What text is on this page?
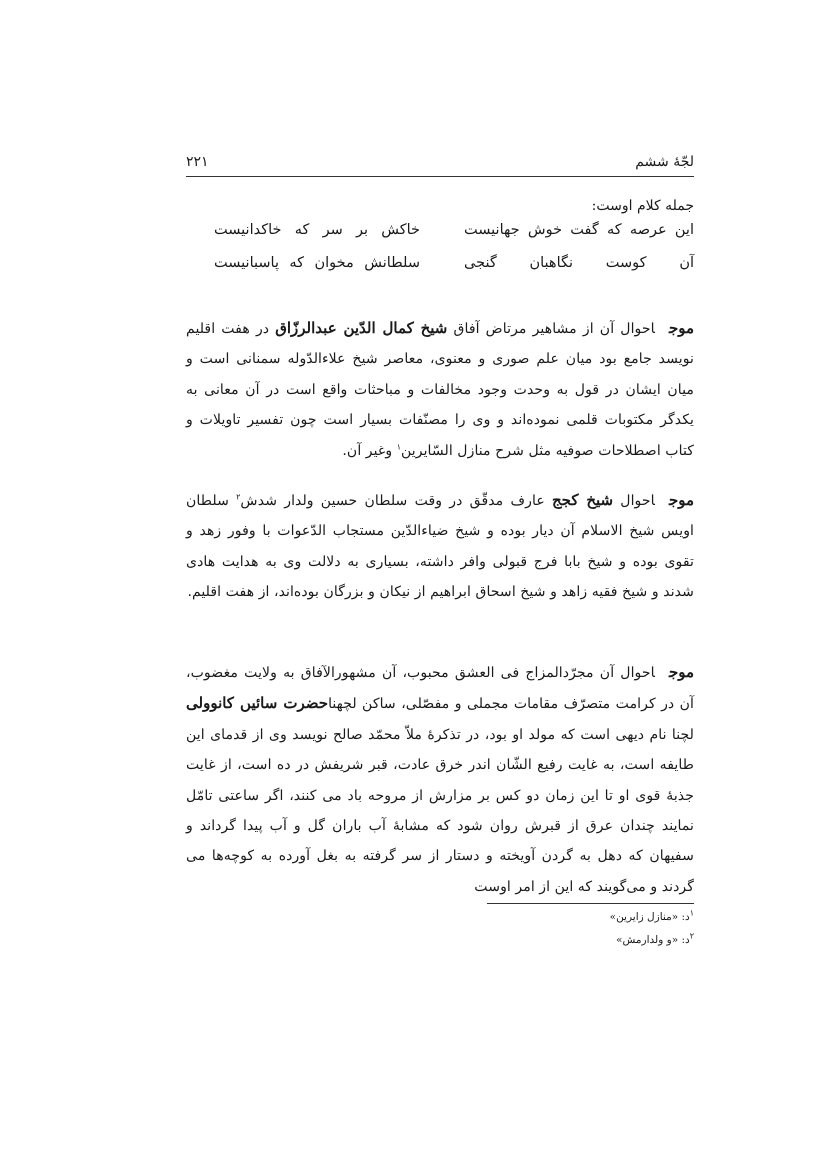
لجّهٔ ششم
۲۲۱
جمله کلام اوست:
این عرصه که گفت خوش جهانیست
خاکش بر سر که خاکدانیست
آن کوست نگاهبان گنجی
سلطانش مخوان که پاسبانیست
موجاحوال آن از مشاهیر مرتاض آفاق شیخ کمال الدّین عبدالرزّاق در هفت اقلیم نویسد جامع بود میان علم صوری و معنوی، معاصر شیخ علاءالدّوله سمنانی است و میان ایشان در قول به وحدت وجود مخالفات و مباحثات واقع است در آن معانی به یکدگر مکتوبات قلمی نموده‌اند و وی را مصنّفات بسیار است چون تفسیر تاویلات و کتاب اصطلاحات صوفیه مثل شرح منازل السّایرین$^۱$ وغیر آن.
موجاحوال شیخ کجج عارف مدقّق در وقت سلطان حسین ولدار شدش$^۲$ سلطان اویس شیخ الاسلام آن دیار بوده و شیخ ضیاءالدّین مستجاب الدّعوات با وفور زهد و تقوی بوده و شیخ بابا فرج قبولی وافر داشته، بسیاری به دلالت وی به هدایت هادی شدند و شیخ فقیه زاهد و شیخ اسحاق ابراهیم از نیکان و بزرگان بوده‌اند، از هفت اقلیم.
موجاحوال آن مجرّدالمزاج فی العشق محبوب، آن مشهورالآفاق به ولایت مغضوب، آن در کرامت متصرّف مقامات مجملی و مفصّلی، ساکن لچهناحضرت سائیں کانوولی لچنا نام دیهی است که مولد او بود، در تذکرهٔ ملاّ محمّد صالح نویسد وی از قدمای این طایفه است، به غایت رفیع الشّان اندر خرق عادت، قبر شریفش در ده است، از غایت جذبهٔ قوی او تا این زمان دو کس بر مزارش از مروحه باد می کنند، اگر ساعتی تامّل نمایند چندان عرق از قبرش روان شود که مشابهٔ آب باران گل و آب پیدا گرداند و سفیهان که دهل به گردن آویخته و دستار از سر گرفته به بغل آورده به کوچه‌ها می گردند و می‌گویند که این از امر اوست
$^۱$د: «منازل زایرین»
$^۲$د: «و ولدارمش»
